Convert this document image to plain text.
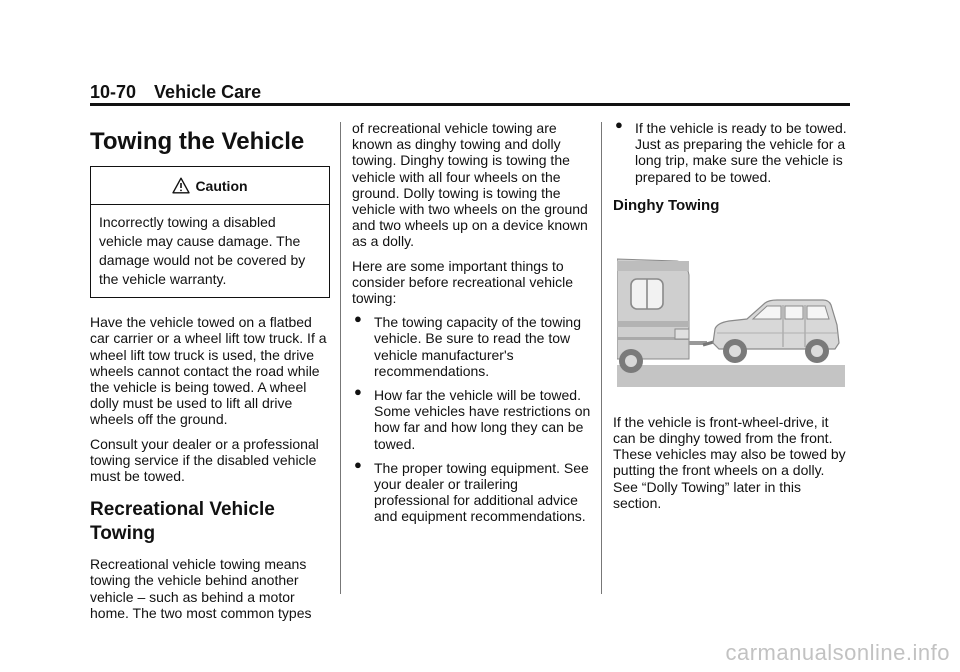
10-70 Vehicle Care
Towing the Vehicle
Caution
Incorrectly towing a disabled vehicle may cause damage. The damage would not be covered by the vehicle warranty.

Have the vehicle towed on a flatbed car carrier or a wheel lift tow truck. If a wheel lift tow truck is used, the drive wheels cannot contact the road while the vehicle is being towed. A wheel dolly must be used to lift all drive wheels off the ground.

Consult your dealer or a professional towing service if the disabled vehicle must be towed.

Recreational Vehicle Towing

Recreational vehicle towing means towing the vehicle behind another vehicle – such as behind a motor home. The two most common types

of recreational vehicle towing are known as dinghy towing and dolly towing. Dinghy towing is towing the vehicle with all four wheels on the ground. Dolly towing is towing the vehicle with two wheels on the ground and two wheels up on a device known as a dolly.

Here are some important things to consider before recreational vehicle towing:

● The towing capacity of the towing vehicle. Be sure to read the tow vehicle manufacturer's recommendations.
● How far the vehicle will be towed. Some vehicles have restrictions on how far and how long they can be towed.
● The proper towing equipment. See your dealer or trailering professional for additional advice and equipment recommendations.
● If the vehicle is ready to be towed. Just as preparing the vehicle for a long trip, make sure the vehicle is prepared to be towed.
Dinghy Towing

If the vehicle is front-wheel-drive, it can be dinghy towed from the front. These vehicles may also be towed by putting the front wheels on a dolly. See “Dolly Towing” later in this section.

carmanualsonline.info
